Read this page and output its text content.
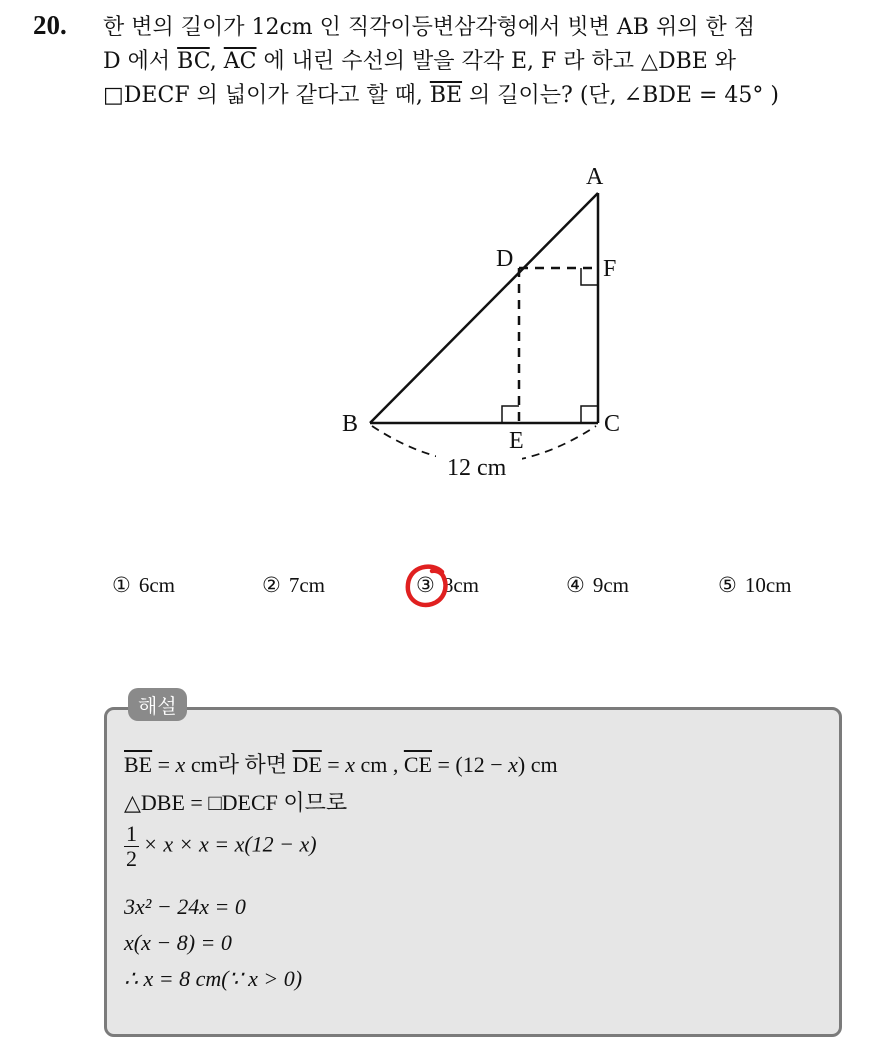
20. 한 변의 길이가 12cm 인 직각이등변삼각형에서 빗변 AB 위의 한 점
D 에서 $\overline{BC}$, $\overline{AC}$ 에 내린 수선의 발을 각각 E, F 라 하고 △DBE 와
□DECF 의 넓이가 같다고 할 때, $\overline{BE}$ 의 길이는? (단, ∠BDE = 45° )
A
B	C
D
E
F
12 cm
① 6cm	② 7cm	③ 8cm	④ 9cm	⑤ 10cm
해설
$\overline{BE} = x$ cm라 하면 $\overline{DE} = x$ cm , $\overline{CE} = (12 - x)$ cm
△DBE = □DECF 이므로
$\frac{1}{2} \times x \times x = x(12 - x)$
3x² − 24x = 0
x(x − 8) = 0
∴ x = 8 cm(∵ x > 0)
